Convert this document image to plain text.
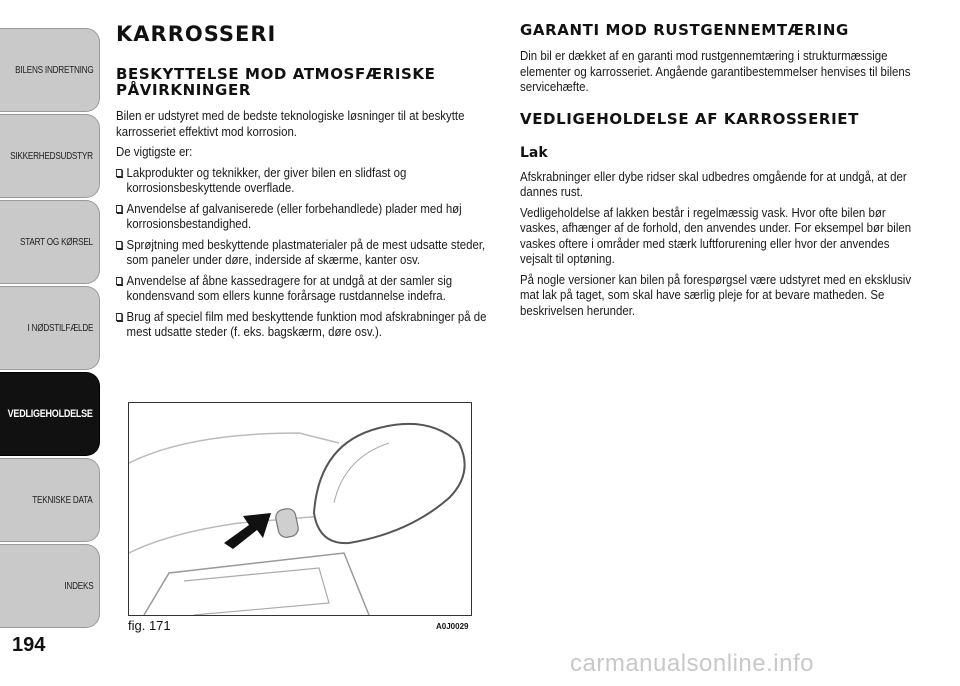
BILENS INDRETNING
SIKKERHEDSUDSTYR
START OG KØRSEL
I NØDSTILFÆLDE
VEDLIGEHOLDELSE
TEKNISKE DATA
INDEKS
194
KARROSSERI
BESKYTTELSE MOD ATMOSFÆRISKE PÅVIRKNINGER

Bilen er udstyret med de bedste teknologiske løsninger til at beskytte karrosseriet effektivt mod korrosion.

De vigtigste er:

Lakprodukter og teknikker, der giver bilen en slidfast og korrosionsbeskyttende overflade.
Anvendelse af galvaniserede (eller forbehandlede) plader med høj korrosionsbestandighed.
Sprøjtning med beskyttende plastmaterialer på de mest udsatte steder, som paneler under døre, inderside af skærme, kanter osv.
Anvendelse af åbne kassedragere for at undgå at der samler sig kondensvand som ellers kunne forårsage rustdannelse indefra.
Brug af speciel film med beskyttende funktion mod afskrabninger på de mest udsatte steder (f. eks. bagskærm, døre osv.).
fig. 171	A0J0029
GARANTI MOD RUSTGENNEMTÆRING

Din bil er dækket af en garanti mod rustgennemtæring i strukturmæssige elementer og karrosseriet. Angående garantibestemmelser henvises til bilens servicehæfte.

VEDLIGEHOLDELSE AF KARROSSERIET
Lak

Afskrabninger eller dybe ridser skal udbedres omgående for at undgå, at der dannes rust.

Vedligeholdelse af lakken består i regelmæssig vask. Hvor ofte bilen bør vaskes, afhænger af de forhold, den anvendes under. For eksempel bør bilen vaskes oftere i områder med stærk luftforurening eller hvor der anvendes vejsalt til optøning.

På nogle versioner kan bilen på forespørgsel være udstyret med en eksklusiv mat lak på taget, som skal have særlig pleje for at bevare matheden. Se beskrivelsen herunder.

carmanualsonline.info
